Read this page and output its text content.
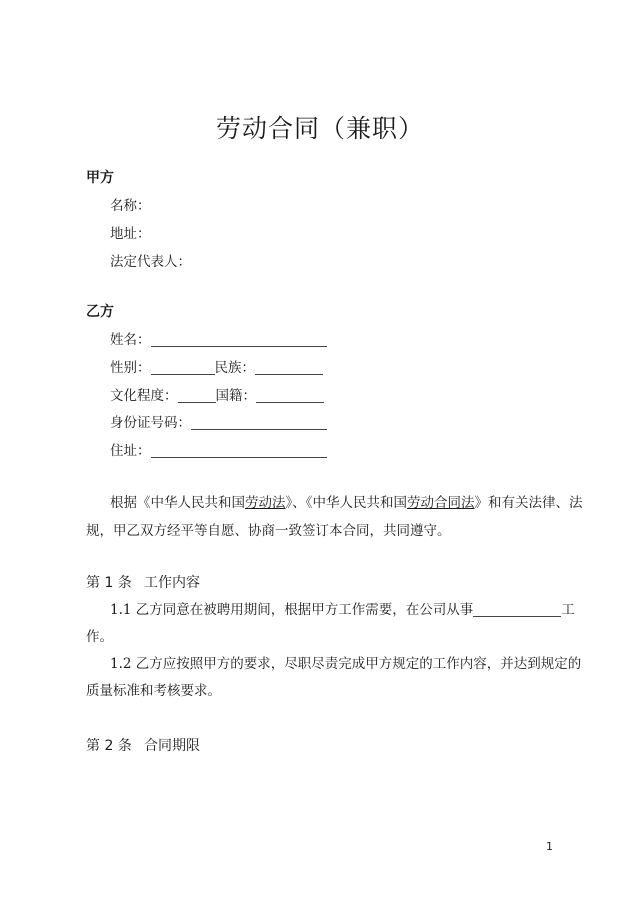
劳动合同（兼职）
甲方
名称：
地址：
法定代表人：
乙方
姓名：
性别：	民族：
文化程度：	国籍：
身份证号码：
住址：
根据《中华人民共和国劳动法》、《中华人民共和国劳动合同法》和有关法律、法
规，甲乙双方经平等自愿、协商一致签订本合同，共同遵守。
第 1 条 工作内容
1.1 乙方同意在被聘用期间，根据甲方工作需要，在公司从事	工
作。
1.2 乙方应按照甲方的要求，尽职尽责完成甲方规定的工作内容，并达到规定的
质量标准和考核要求。
第 2 条 合同期限
1
